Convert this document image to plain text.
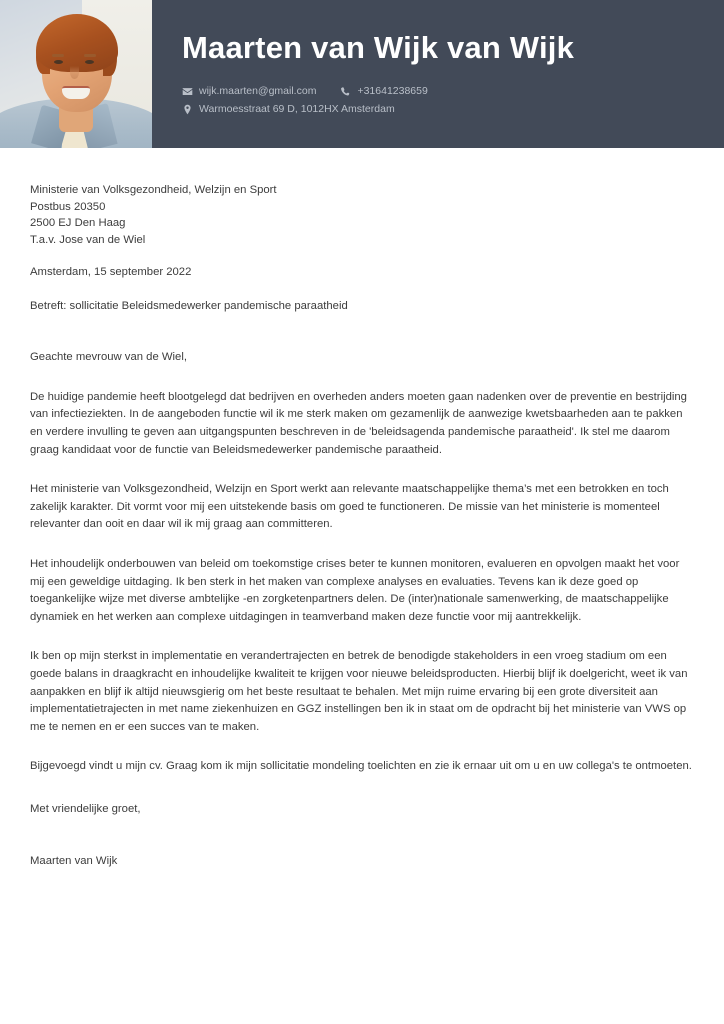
Maarten van Wijk van Wijk
wijk.maarten@gmail.com	+31641238659
Warmoesstraat 69 D, 1012HX Amsterdam
Ministerie van Volksgezondheid, Welzijn en Sport
Postbus 20350
2500 EJ Den Haag
T.a.v. Jose van de Wiel
Amsterdam, 15 september 2022
Betreft: sollicitatie Beleidsmedewerker pandemische paraatheid
Geachte mevrouw van de Wiel,

De huidige pandemie heeft blootgelegd dat bedrijven en overheden anders moeten gaan nadenken over de preventie en bestrijding van infectieziekten. In de aangeboden functie wil ik me sterk maken om gezamenlijk de aanwezige kwetsbaarheden aan te pakken en verdere invulling te geven aan uitgangspunten beschreven in de 'beleidsagenda pandemische paraatheid'. Ik stel me daarom graag kandidaat voor de functie van Beleidsmedewerker pandemische paraatheid.

Het ministerie van Volksgezondheid, Welzijn en Sport werkt aan relevante maatschappelijke thema’s met een betrokken en toch zakelijk karakter. Dit vormt voor mij een uitstekende basis om goed te functioneren. De missie van het ministerie is momenteel relevanter dan ooit en daar wil ik mij graag aan committeren.

Het inhoudelijk onderbouwen van beleid om toekomstige crises beter te kunnen monitoren, evalueren en opvolgen maakt het voor mij een geweldige uitdaging. Ik ben sterk in het maken van complexe analyses en evaluaties. Tevens kan ik deze goed op toegankelijke wijze met diverse ambtelijke -en zorgketenpartners delen. De (inter)nationale samenwerking, de maatschappelijke dynamiek en het werken aan complexe uitdagingen in teamverband maken deze functie voor mij aantrekkelijk.

Ik ben op mijn sterkst in implementatie en verandertrajecten en betrek de benodigde stakeholders in een vroeg stadium om een goede balans in draagkracht en inhoudelijke kwaliteit te krijgen voor nieuwe beleidsproducten. Hierbij blijf ik doelgericht, weet ik van aanpakken en blijf ik altijd nieuwsgierig om het beste resultaat te behalen. Met mijn ruime ervaring bij een grote diversiteit aan implementatietrajecten in met name ziekenhuizen en GGZ instellingen ben ik in staat om de opdracht bij het ministerie van VWS op me te nemen en er een succes van te maken.

Bijgevoegd vindt u mijn cv. Graag kom ik mijn sollicitatie mondeling toelichten en zie ik ernaar uit om u en uw collega's te ontmoeten.

Met vriendelijke groet,
Maarten van Wijk
